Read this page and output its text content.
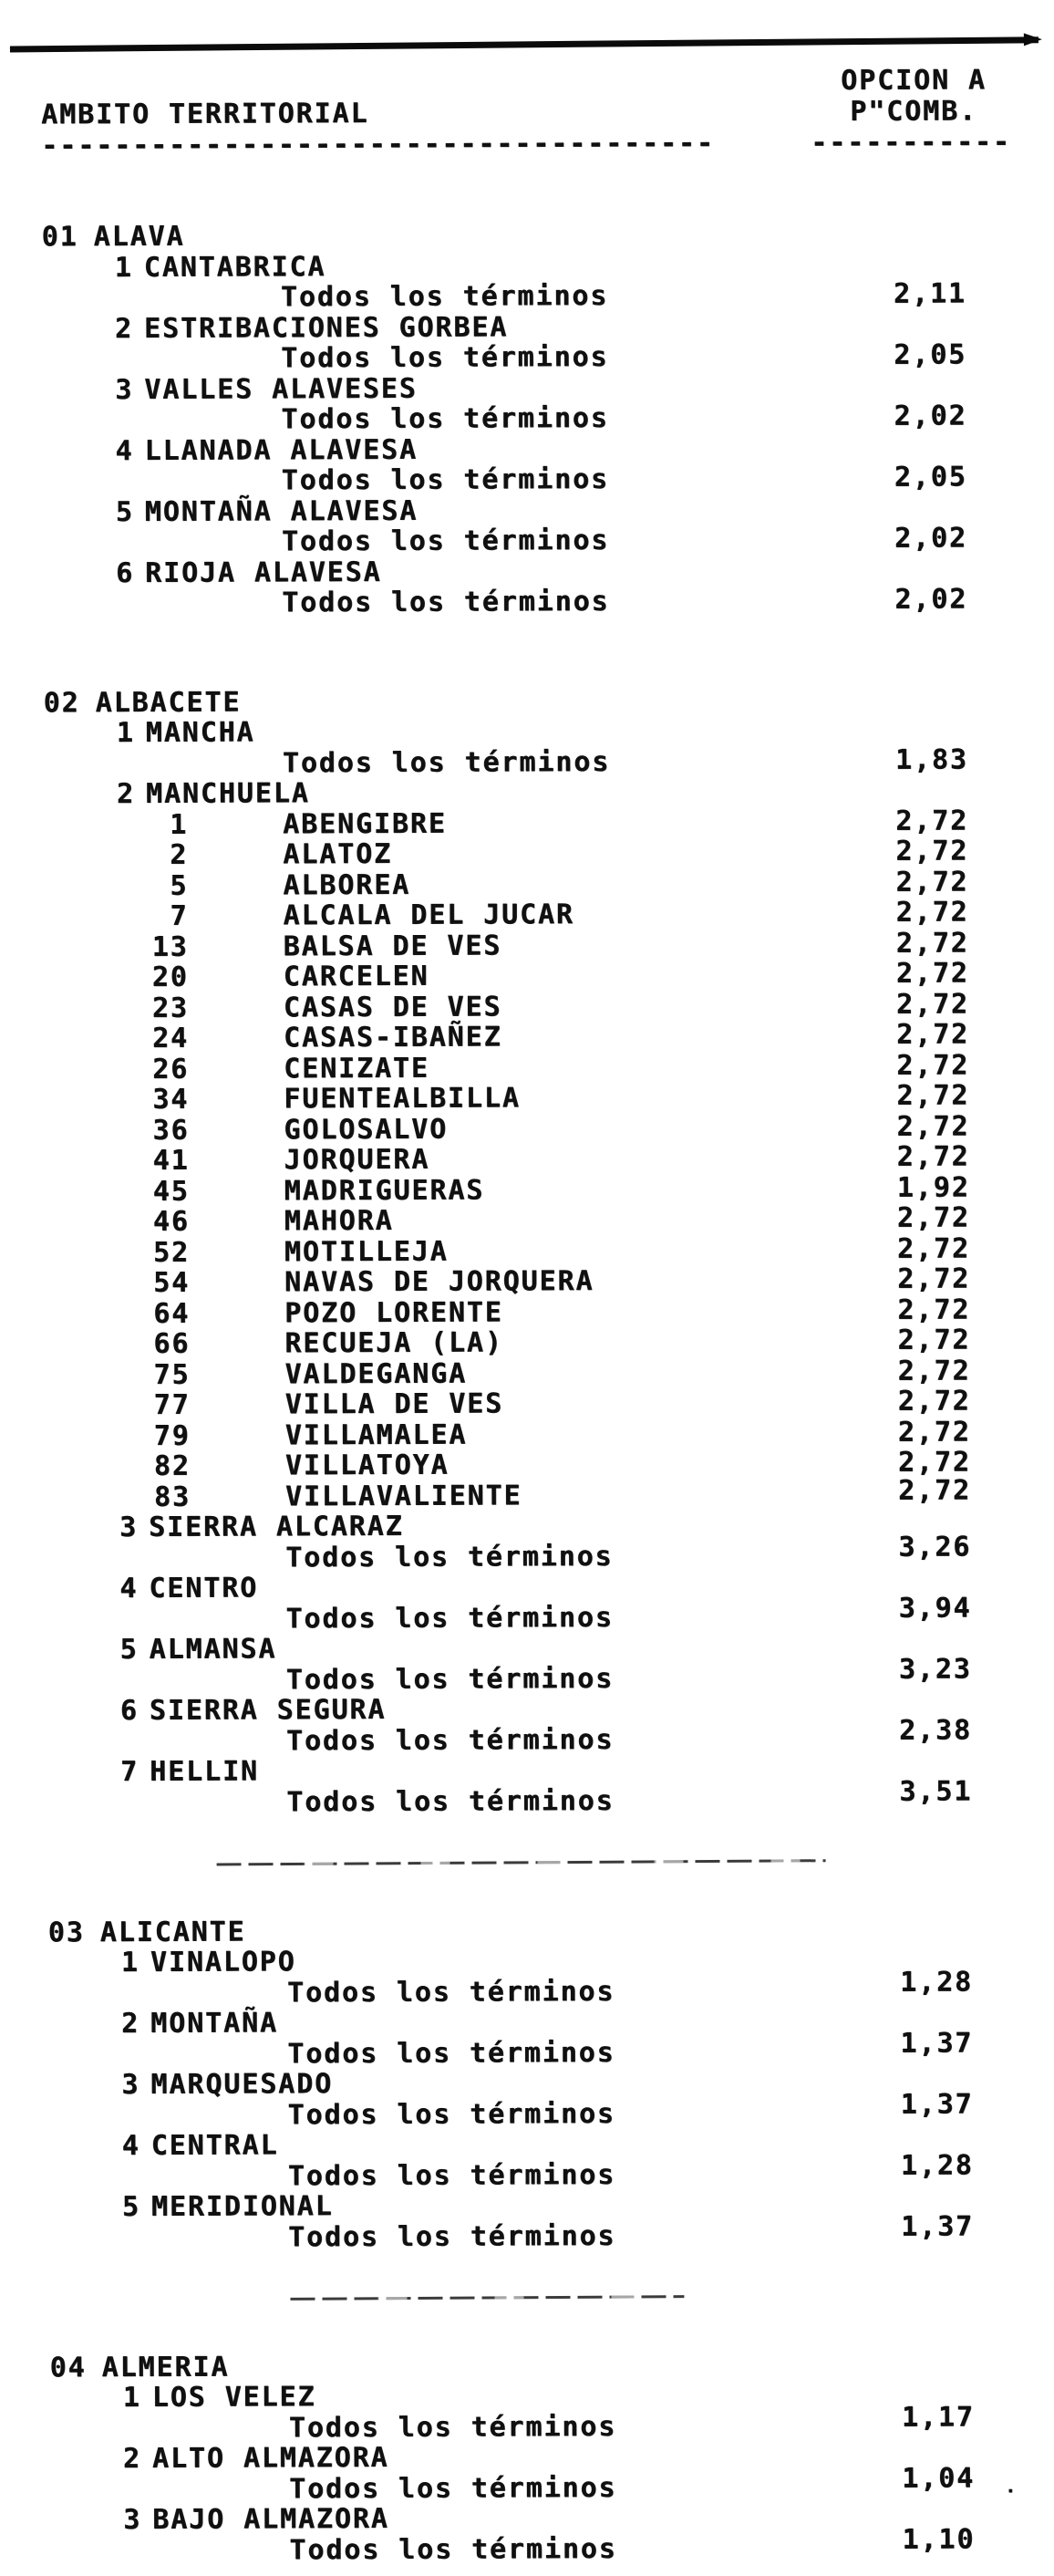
OPCION A
AMBITO TERRITORIAL	P"COMB.
-------------------------------------	-----------
01 ALAVA
1 CANTABRICA
Todos los términos	2,11
2 ESTRIBACIONES GORBEA
Todos los términos	2,05
3 VALLES ALAVESES
Todos los términos	2,02
4 LLANADA ALAVESA
Todos los términos	2,05
5 MONTAÑA ALAVESA
Todos los términos	2,02
6 RIOJA ALAVESA
Todos los términos	2,02
02 ALBACETE
1 MANCHA
Todos los términos	1,83
2 MANCHUELA
1	ABENGIBRE	2,72
2	ALATOZ	2,72
5	ALBOREA	2,72
7	ALCALA DEL JUCAR	2,72
13	BALSA DE VES	2,72
20	CARCELEN	2,72
23	CASAS DE VES	2,72
24	CASAS-IBAÑEZ	2,72
26	CENIZATE	2,72
34	FUENTEALBILLA	2,72
36	GOLOSALVO	2,72
41	JORQUERA	2,72
45	MADRIGUERAS	1,92
46	MAHORA	2,72
52	MOTILLEJA	2,72
54	NAVAS DE JORQUERA	2,72
64	POZO LORENTE	2,72
66	RECUEJA (LA)	2,72
75	VALDEGANGA	2,72
77	VILLA DE VES	2,72
79	VILLAMALEA	2,72
82	VILLATOYA	2,72
83	VILLAVALIENTE	2,72
3 SIERRA ALCARAZ
Todos los términos	3,26
4 CENTRO
Todos los términos	3,94
5 ALMANSA
Todos los términos	3,23
6 SIERRA SEGURA
Todos los términos	2,38
7 HELLIN
Todos los términos	3,51
03 ALICANTE
1 VINALOPO
Todos los términos	1,28
2 MONTAÑA
Todos los términos	1,37
3 MARQUESADO
Todos los términos	1,37
4 CENTRAL
Todos los términos	1,28
5 MERIDIONAL
Todos los términos	1,37
04 ALMERIA
1 LOS VELEZ
Todos los términos	1,17
2 ALTO ALMAZORA
Todos los términos	1,04 .
3 BAJO ALMAZORA
Todos los términos	1,10
